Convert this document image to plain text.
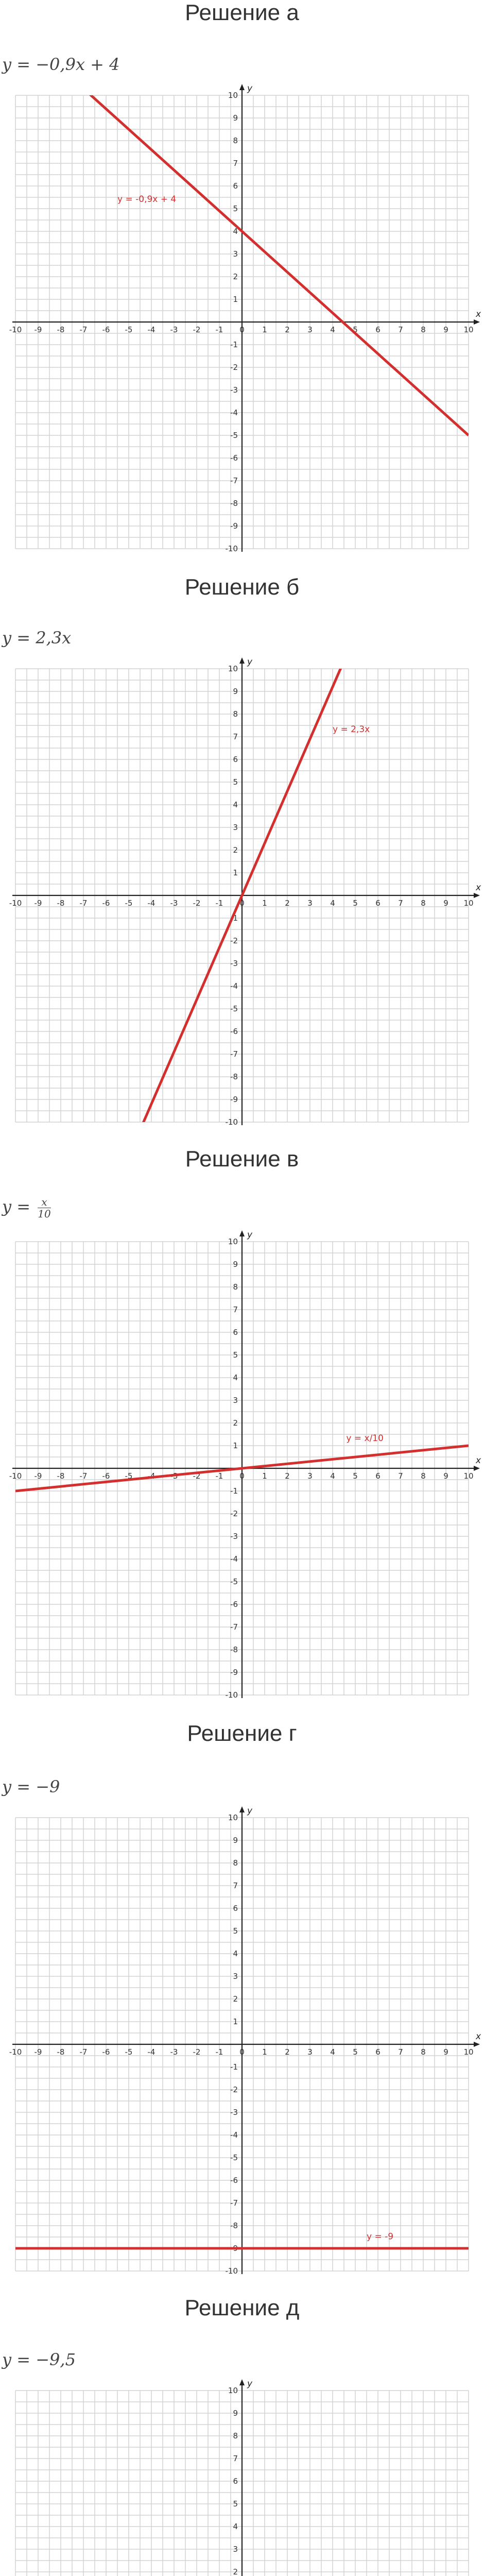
Решение а
y = −0,9x + 4
x
y
-10 -9 -8 -7 -6 -5 -4 -3 -2 -1 0 1 2 3 4 5 6 7 8 9 10
-10
-9
-8
-7
-6
-5
-4
-3
-2
-1
1
2
3
4
5
6
7
8
9
10
y = -0,9x + 4
Решение б
y = 2,3x
x
y
-10 -9 -8 -7 -6 -5 -4 -3 -2 -1 0 1 2 3 4 5 6 7 8 9 10
-10
-9
-8
-7
-6
-5
-4
-3
-2
-1
1
2
3
4
5
6
7
8
9
10
y = 2,3x
Решение в
$y = \frac{x}{10}$
x
y
-10 -9 -8 -7 -6 -5 -4 -3 -2 -1 0 1 2 3 4 5 6 7 8 9 10
-10
-9
-8
-7
-6
-5
-4
-3
-2
-1
1
2
3
4
5
6
7
8
9
10
y = x/10
Решение г
y = −9
x
y
-10 -9 -8 -7 -6 -5 -4 -3 -2 -1 0 1 2 3 4 5 6 7 8 9 10
-10
-9
-8
-7
-6
-5
-4
-3
-2
-1
1
2
3
4
5
6
7
8
9
10
y = -9
Решение д
y = −9,5
y
2
3
4
5
6
7
8
9
10
